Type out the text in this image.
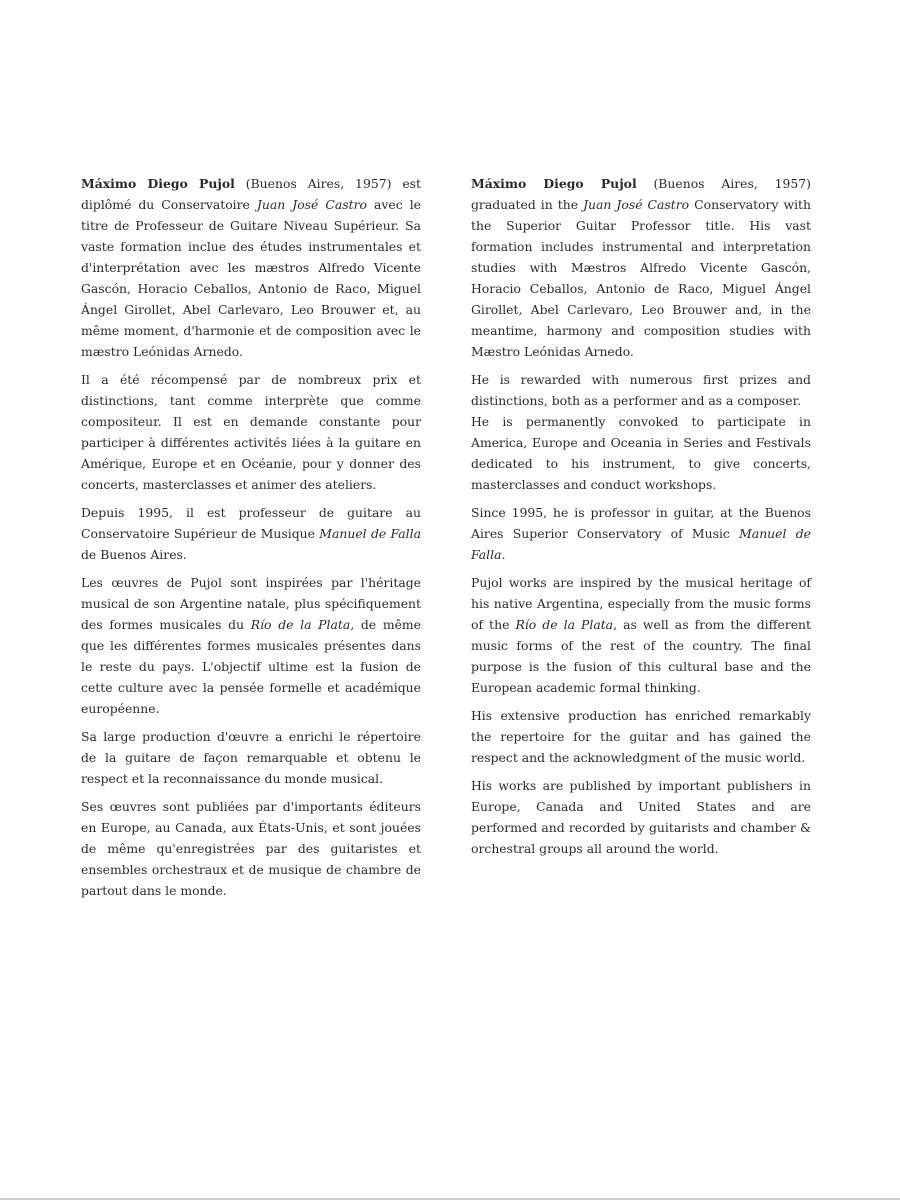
Máximo Diego Pujol (Buenos Aires, 1957) est diplômé du Conservatoire Juan José Castro avec le titre de Professeur de Guitare Niveau Supérieur. Sa vaste formation inclue des études instrumentales et d'interprétation avec les mæstros Alfredo Vicente Gascón, Horacio Ceballos, Antonio de Raco, Miguel Ángel Girollet, Abel Carlevaro, Leo Brouwer et, au même moment, d'harmonie et de composition avec le mæstro Leónidas Arnedo.

Il a été récompensé par de nombreux prix et distinctions, tant comme interprète que comme compositeur. Il est en demande constante pour participer à différentes activités liées à la guitare en Amérique, Europe et en Océanie, pour y donner des concerts, masterclasses et animer des ateliers.

Depuis 1995, il est professeur de guitare au Conservatoire Supérieur de Musique Manuel de Falla de Buenos Aires.

Les œuvres de Pujol sont inspirées par l'héritage musical de son Argentine natale, plus spécifiquement des formes musicales du Río de la Plata, de même que les différentes formes musicales présentes dans le reste du pays. L'objectif ultime est la fusion de cette culture avec la pensée formelle et académique européenne.

Sa large production d'œuvre a enrichi le répertoire de la guitare de façon remarquable et obtenu le respect et la reconnaissance du monde musical.

Ses œuvres sont publiées par d'importants éditeurs en Europe, au Canada, aux États-Unis, et sont jouées de même qu'enregistrées par des guitaristes et ensembles orchestraux et de musique de chambre de partout dans le monde.

Máximo Diego Pujol (Buenos Aires, 1957) graduated in the Juan José Castro Conservatory with the Superior Guitar Professor title. His vast formation includes instrumental and interpretation studies with Mæstros Alfredo Vicente Gascón, Horacio Ceballos, Antonio de Raco, Miguel Ángel Girollet, Abel Carlevaro, Leo Brouwer and, in the meantime, harmony and composition studies with Mæstro Leónidas Arnedo.

He is rewarded with numerous first prizes and distinctions, both as a performer and as a composer.

He is permanently convoked to participate in America, Europe and Oceania in Series and Festivals dedicated to his instrument, to give concerts, masterclasses and conduct workshops.

Since 1995, he is professor in guitar, at the Buenos Aires Superior Conservatory of Music Manuel de Falla.

Pujol works are inspired by the musical heritage of his native Argentina, especially from the music forms of the Río de la Plata, as well as from the different music forms of the rest of the country. The final purpose is the fusion of this cultural base and the European academic formal thinking.

His extensive production has enriched remarkably the repertoire for the guitar and has gained the respect and the acknowledgment of the music world.

His works are published by important publishers in Europe, Canada and United States and are performed and recorded by guitarists and chamber & orchestral groups all around the world.
